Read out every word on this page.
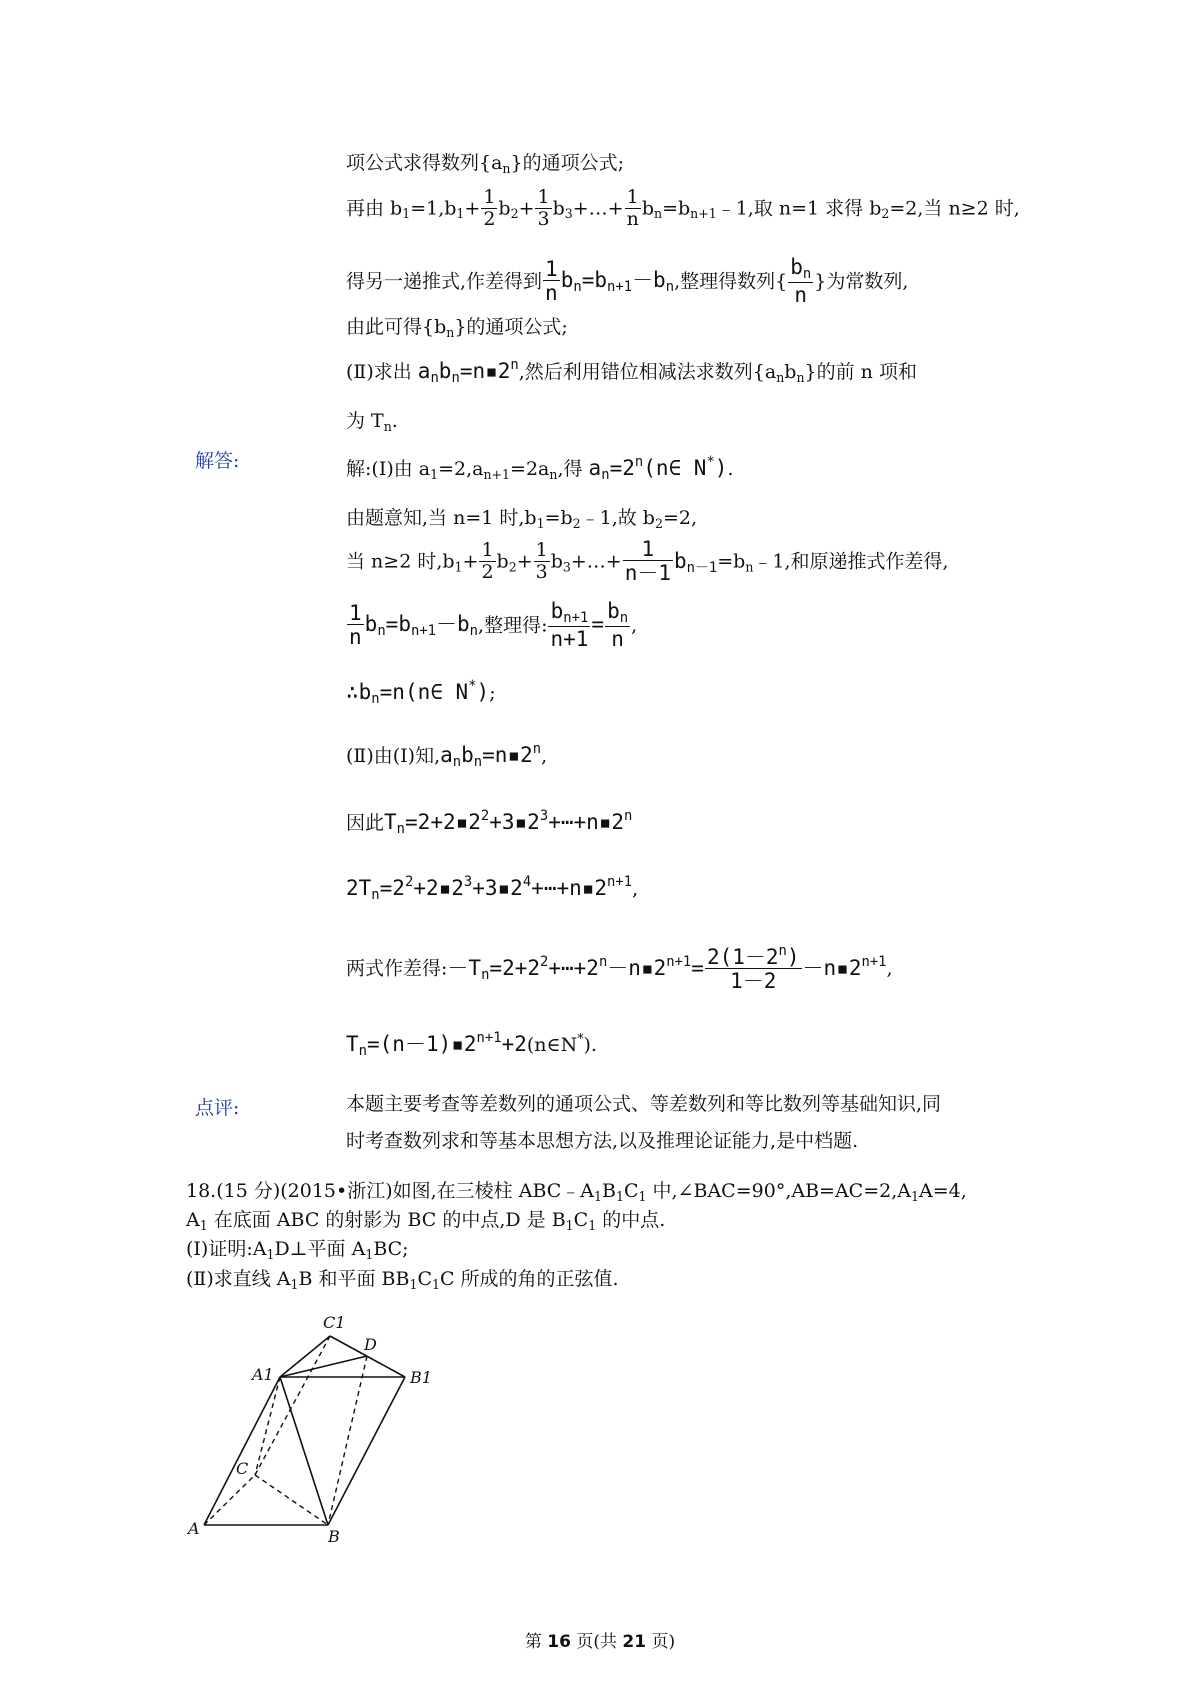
项公式求得数列$\{a_n\}$的通项公式;
再由 $b_1=1,b_1+ \frac{1}{2} b_2+ \frac{1}{3}$ $b_3+\dots+ \frac{1}{n}$ $b_n=b_{n+1}﹣1$,取 n=1 求得 $b_2=2$,当 n≥2 时,
得另一递推式,作差得到 $\frac{1}{n} b_n=b_{n+1}-b_n$,整理得数列{ $\frac{b_n}{n}$ }为常数列,
由此可得$\{b_n\}$的通项公式;
(Ⅱ)求出 $a_nb_n=n▪2^n$,然后利用错位相减法求数列$\{a_nb_n\}$的前 n 项和
为 $T_n$.
解答:
点评:
解:(Ⅰ)由 $a_1=2,a_{n+1}=2a_n$,得 $a_n=2^n(n\in$ N*).
由题意知,当 n=1 时$,b_1=b_2﹣1$,故 $b_2=2$,
当 n≥2 时$,b_1+ \frac{1}{2} b_2+ \frac{1}{3}$ $b_3+\dots+ \frac{1}{n-1}$ $b_{n-1}=b_n﹣1$,和原递推式作差得,
$\frac{1}{n} b_n=b_{n+1}-b_n$,整理得: $\frac{b_{n+1}}{n+1} = \frac{b_n}{n}$ ,
$\therefore b_n=n(n\in$ N*);
(Ⅱ)由(Ⅰ)知$,a_nb_n=n▪2^n$,
因此$T_n=2+2▪2^2+3▪2^3+\cdots+n▪2^n$
$2T_n=2^2+2▪2^3+3▪2^4+\cdots+n▪2^{n+1}$,
两式作差得$:-T_n=2+2^2+\cdots+2^n-n▪2^{n+1}= \frac{2(1-2^n)}{1-2}$ $-n▪2^{n+1}$,
$T_n=(n-1)▪2^{n+1}+2(n\in N^*)$.
本题主要考查等差数列的通项公式、等差数列和等比数列等基础知识,同
时考查数列求和等基本思想方法,以及推理论证能力,是中档题.
18.(15 分)(2015•浙江)如图,在三棱柱 $ABC﹣A_1B_1C_1$ 中$,\angle BAC=90^\circ,AB=AC=2,A_1A=4$,
$A_1$ 在底面 ABC 的射影为 BC 的中点,D 是 $B_1C_1$ 的中点.
(Ⅰ)证明$:A_1D\perp$平面 $A_1BC$;
(Ⅱ)求直线 $A_1B$ 和平面 $BB_1C_1C$ 所成的角的正弦值.
C1
D
A1	B1
C
A	B
第 16 页(共 21 页)
